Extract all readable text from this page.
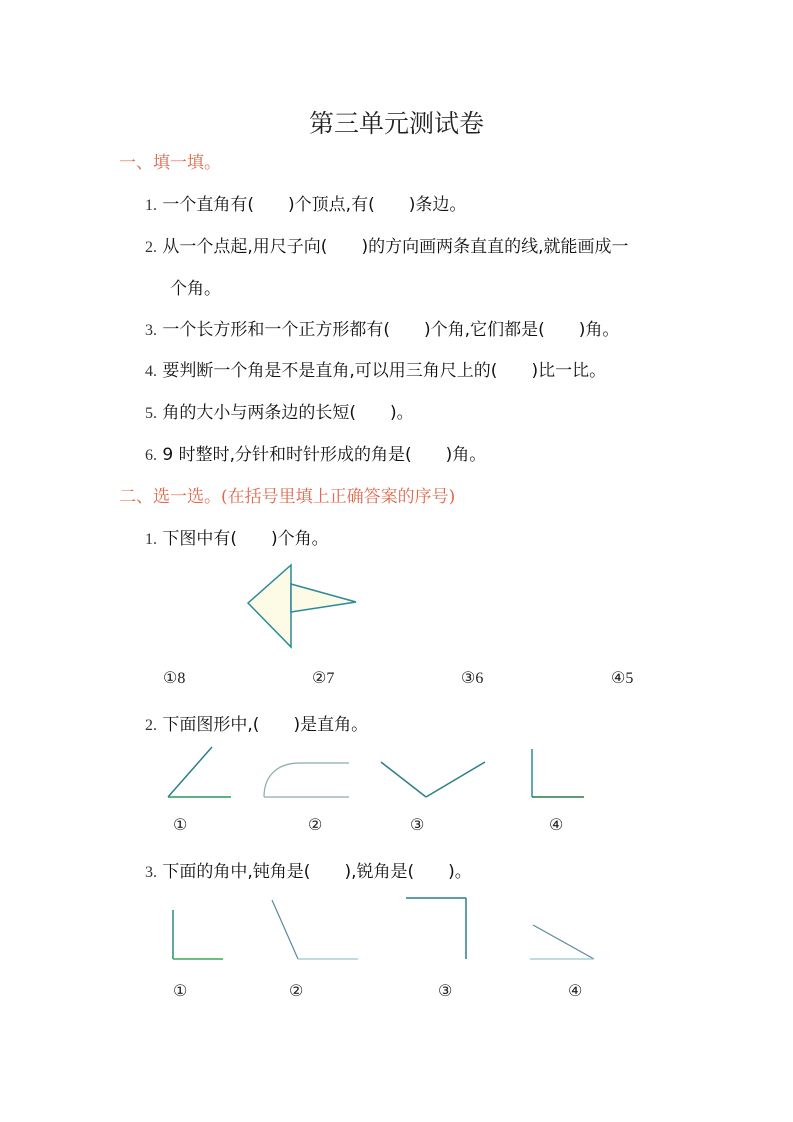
第三单元测试卷
一、填一填。
1. 一个直角有( )个顶点,有( )条边。
2. 从一个点起,用尺子向( )的方向画两条直直的线,就能画成一
个角。
3. 一个长方形和一个正方形都有( )个角,它们都是( )角。
4. 要判断一个角是不是直角,可以用三角尺上的( )比一比。
5. 角的大小与两条边的长短( )。
6. 9 时整时,分针和时针形成的角是( )角。
二、选一选。(在括号里填上正确答案的序号)
1. 下图中有( )个角。
①8	②7	③6	④5
2. 下面图形中,( )是直角。
①	②	③	④
3. 下面的角中,钝角是( ),锐角是( )。
①	②	③	④
